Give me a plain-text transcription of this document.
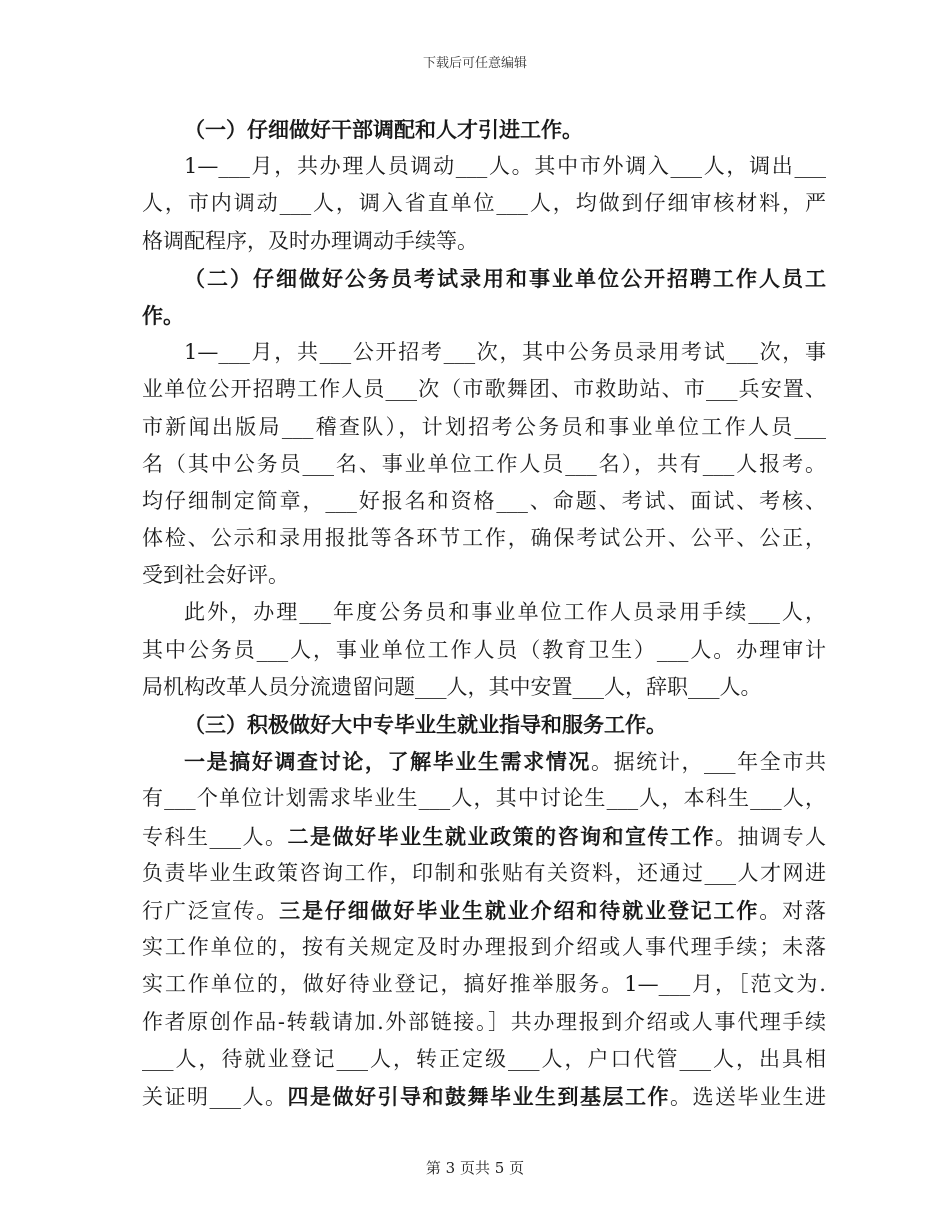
下载后可任意编辑
（一）仔细做好干部调配和人才引进工作。
1—___月，共办理人员调动___人。其中市外调入___人，调出___
人，市内调动___人，调入省直单位___人，均做到仔细审核材料，严
格调配程序，及时办理调动手续等。
（二）仔细做好公务员考试录用和事业单位公开招聘工作人员工
作。
1—___月，共___公开招考___次，其中公务员录用考试___次，事
业单位公开招聘工作人员___次（市歌舞团、市救助站、市___兵安置、
市新闻出版局___稽查队），计划招考公务员和事业单位工作人员___
名（其中公务员___名、事业单位工作人员___名），共有___人报考。
均仔细制定简章，___好报名和资格___、命题、考试、面试、考核、
体检、公示和录用报批等各环节工作，确保考试公开、公平、公正，
受到社会好评。
此外，办理___年度公务员和事业单位工作人员录用手续___人，
其中公务员___人，事业单位工作人员（教育卫生）___人。办理审计
局机构改革人员分流遗留问题___人，其中安置___人，辞职___人。
（三）积极做好大中专毕业生就业指导和服务工作。
一是搞好调查讨论，了解毕业生需求情况。据统计，___年全市共
有___个单位计划需求毕业生___人，其中讨论生___人，本科生___人，
专科生___人。二是做好毕业生就业政策的咨询和宣传工作。抽调专人
负责毕业生政策咨询工作，印制和张贴有关资料，还通过___人才网进
行广泛宣传。三是仔细做好毕业生就业介绍和待就业登记工作。对落
实工作单位的，按有关规定及时办理报到介绍或人事代理手续；未落
实工作单位的，做好待业登记，搞好推举服务。1—___月，［范文为.
作者原创作品-转载请加.外部链接。］共办理报到介绍或人事代理手续
___人，待就业登记___人，转正定级___人，户口代管___人，出具相
关证明___人。四是做好引导和鼓舞毕业生到基层工作。选送毕业生进
第 3 页共 5 页
